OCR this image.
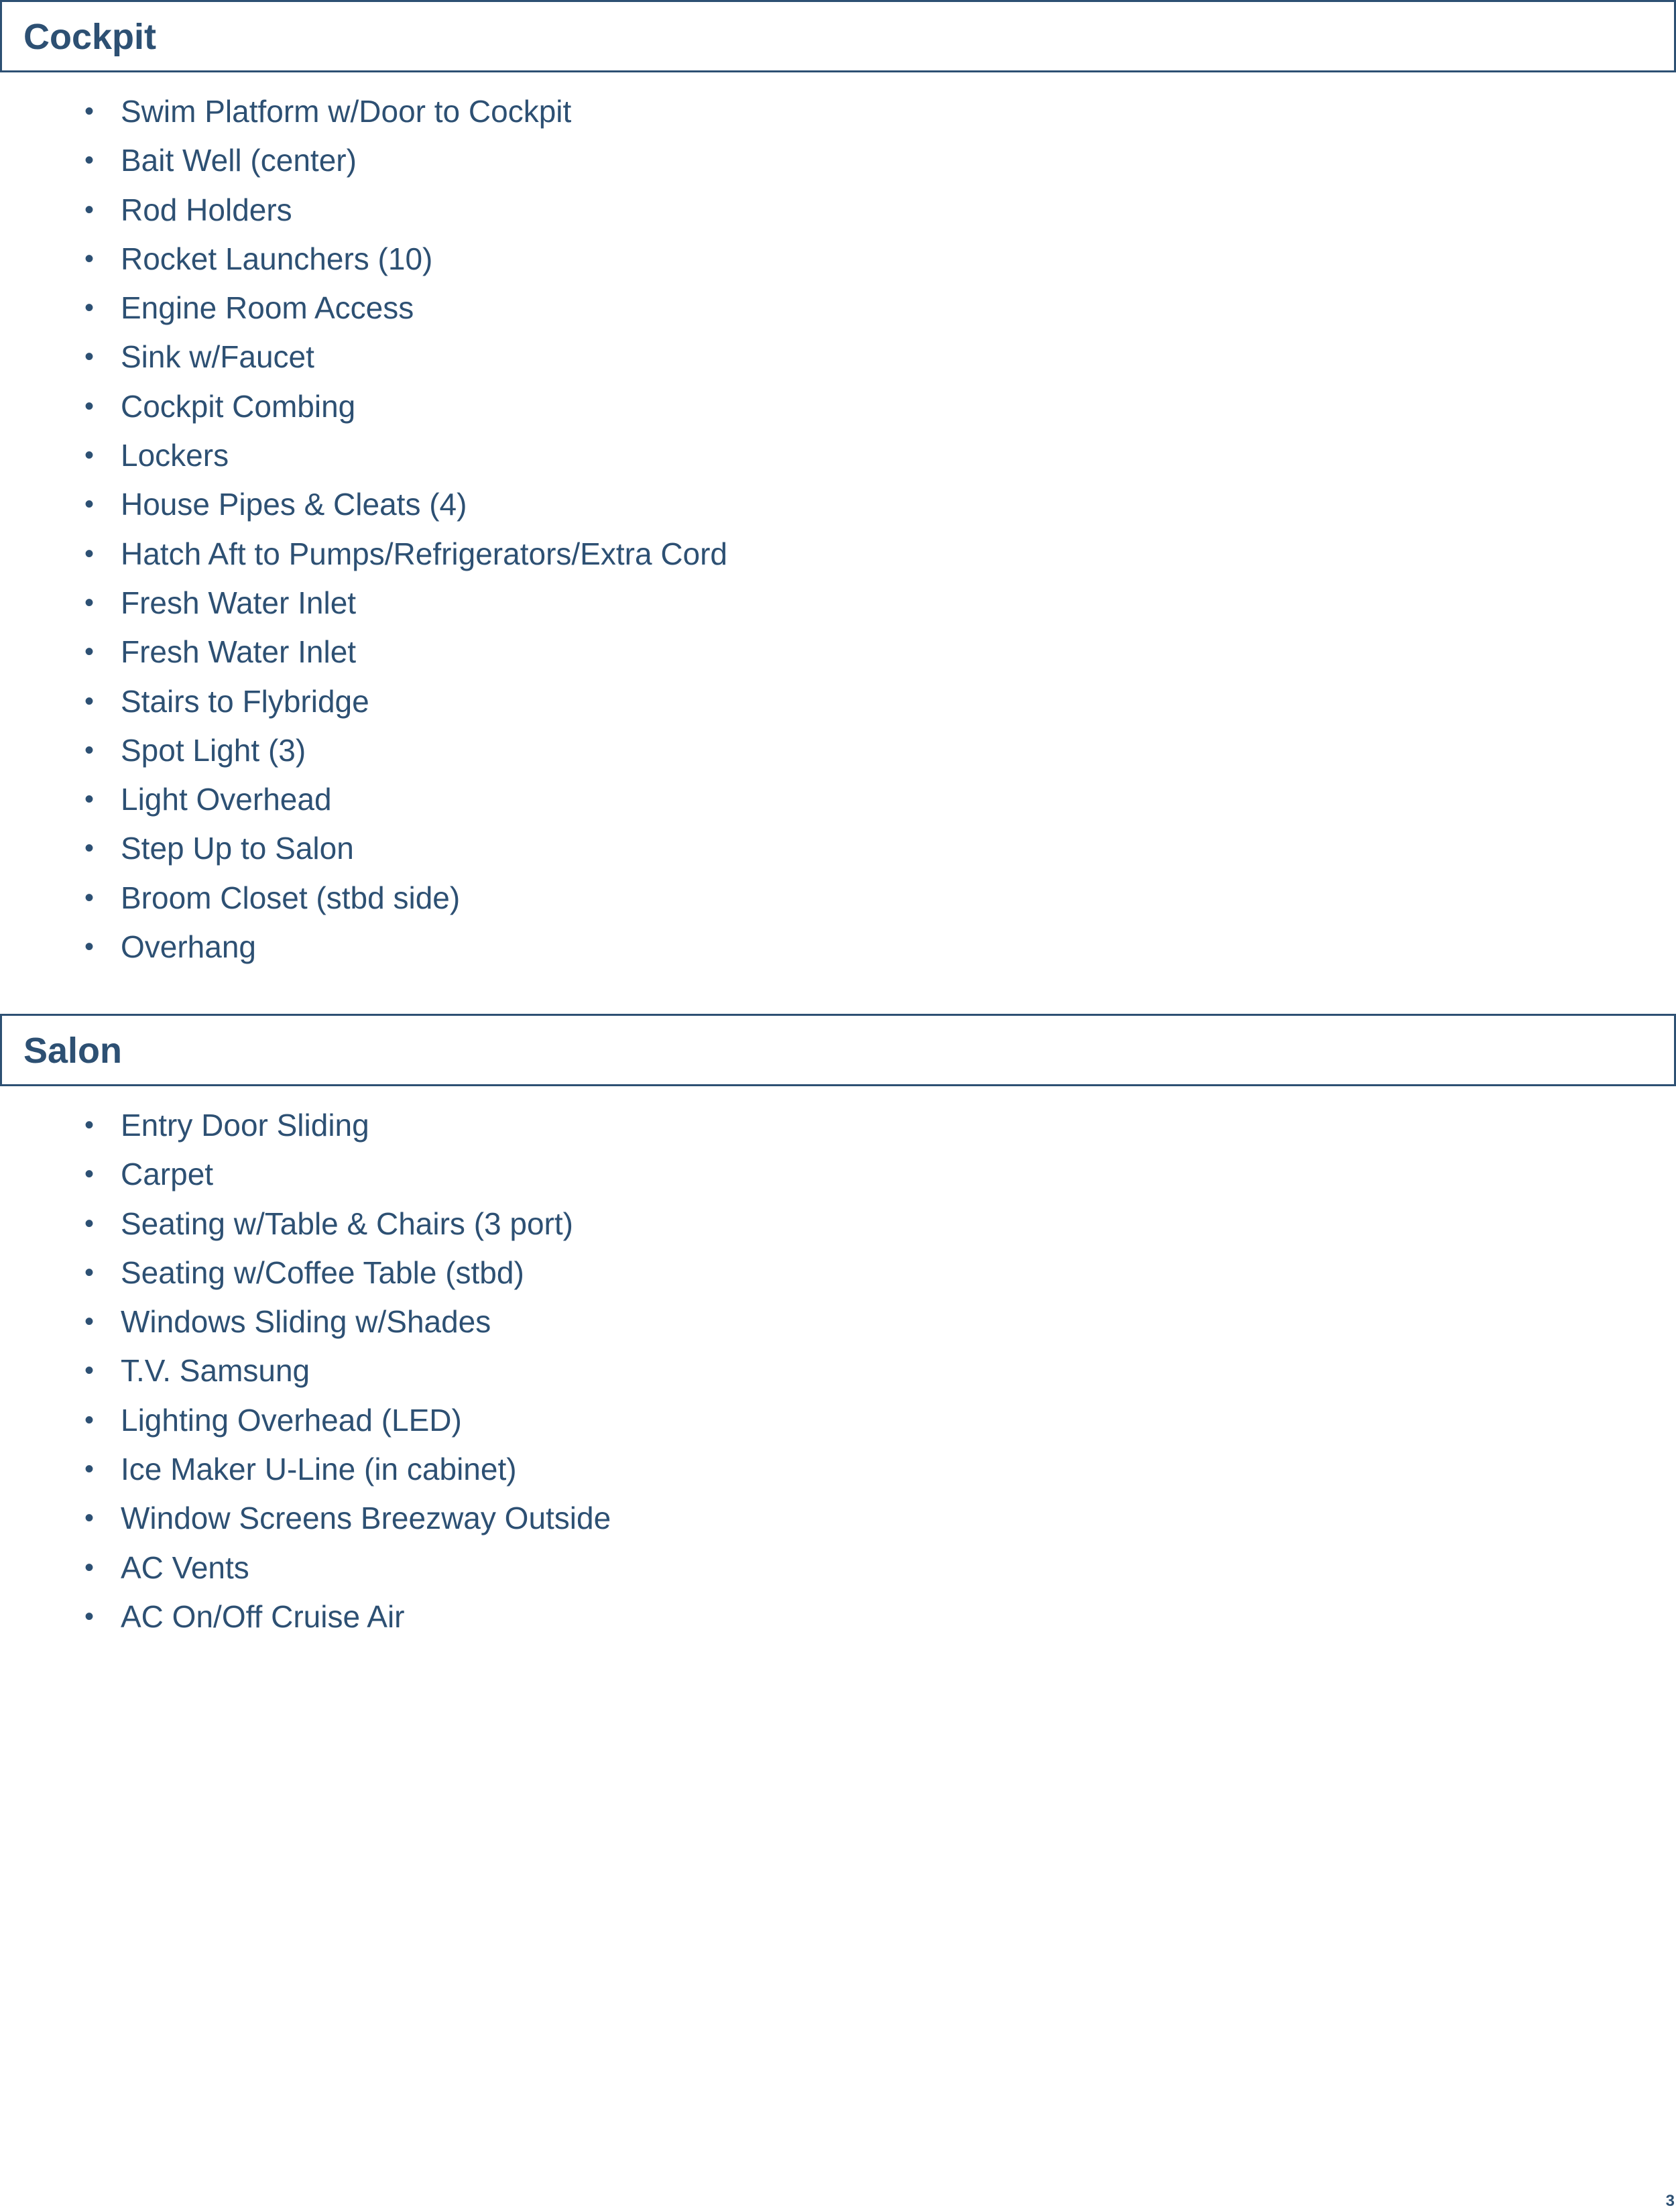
Cockpit
• Swim Platform w/Door to Cockpit
• Bait Well (center)
• Rod Holders
• Rocket Launchers (10)
• Engine Room Access
• Sink w/Faucet
• Cockpit Combing
• Lockers
• House Pipes & Cleats (4)
• Hatch Aft to Pumps/Refrigerators/Extra Cord
• Fresh Water Inlet
• Fresh Water Inlet
• Stairs to Flybridge
• Spot Light (3)
• Light Overhead
• Step Up to Salon
• Broom Closet (stbd side)
• Overhang
Salon
• Entry Door Sliding
• Carpet
• Seating w/Table & Chairs (3 port)
• Seating w/Coffee Table (stbd)
• Windows Sliding w/Shades
• T.V. Samsung
• Lighting Overhead (LED)
• Ice Maker U-Line (in cabinet)
• Window Screens Breezway Outside
• AC Vents
• AC On/Off Cruise Air
3
